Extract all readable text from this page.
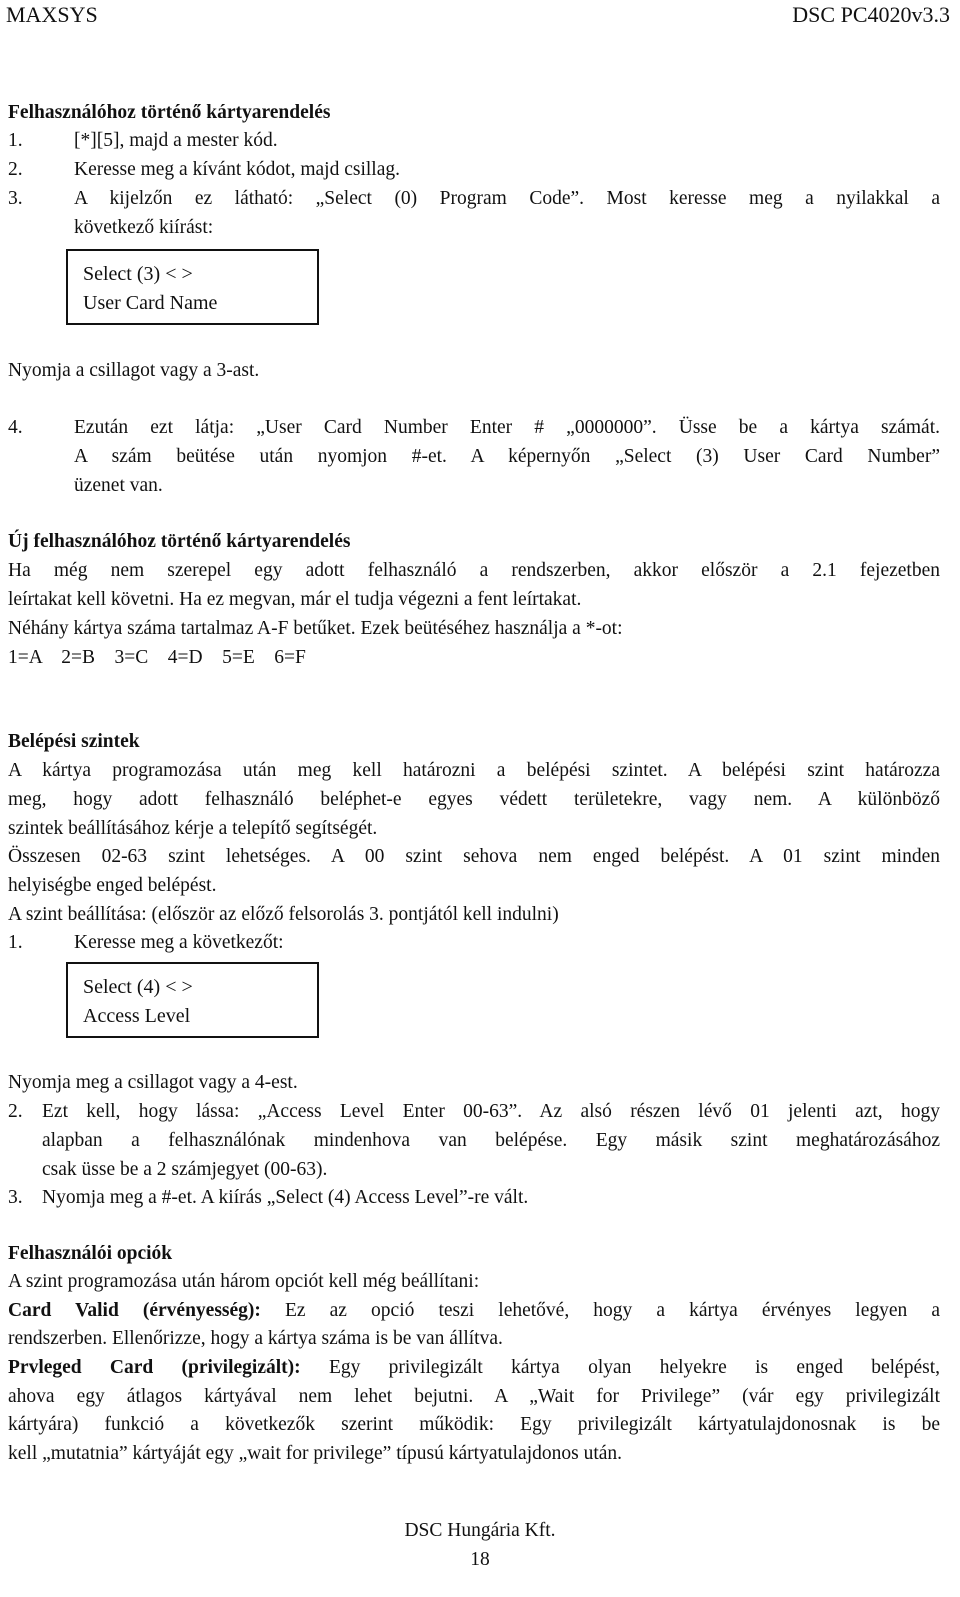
MAXSYS	DSC PC4020v3.3
Felhasználóhoz történő kártyarendelés
1.	[*][5], majd a mester kód.
2.	Keresse meg a kívánt kódot, majd csillag.
3.	A kijelzőn ez látható: „Select (0) Program Code”. Most keresse meg a nyilakkal a
következő kiírást:
Select (3) < >
User Card Name
Nyomja a csillagot vagy a 3-ast.
4.	Ezután ezt látja: „User Card Number Enter # „0000000”. Üsse be a kártya számát.
A szám beütése után nyomjon #-et. A képernyőn „Select (3) User Card Number”
üzenet van.
Új felhasználóhoz történő kártyarendelés
Ha még nem szerepel egy adott felhasználó a rendszerben, akkor először a 2.1 fejezetben
leírtakat kell követni. Ha ez megvan, már el tudja végezni a fent leírtakat.
Néhány kártya száma tartalmaz A-F betűket. Ezek beütéséhez használja a *-ot:
1=A    2=B    3=C    4=D    5=E    6=F
Belépési szintek
A kártya programozása után meg kell határozni a belépési szintet. A belépési szint határozza
meg, hogy adott felhasználó beléphet-e egyes védett területekre, vagy nem. A különböző
szintek beállításához kérje a telepítő segítségét.
Összesen 02-63 szint lehetséges. A 00 szint sehova nem enged belépést. A 01 szint minden
helyiségbe enged belépést.
A szint beállítása: (először az előző felsorolás 3. pontjától kell indulni)
1.	Keresse meg a következőt:
Select (4) < >
Access Level
Nyomja meg a csillagot vagy a 4-est.
2. Ezt kell, hogy lássa: „Access Level Enter 00-63”. Az alsó részen lévő 01 jelenti azt, hogy
alapban a felhasználónak mindenhova van belépése. Egy másik szint meghatározásához
csak üsse be a 2 számjegyet (00-63).
3. Nyomja meg a #-et. A kiírás „Select (4) Access Level”-re vált.
Felhasználói opciók
A szint programozása után három opciót kell még beállítani:
Card Valid (érvényesség): Ez az opció teszi lehetővé, hogy a kártya érvényes legyen a
rendszerben. Ellenőrizze, hogy a kártya száma is be van állítva.
Prvleged Card (privilegizált): Egy privilegizált kártya olyan helyekre is enged belépést,
ahova egy átlagos kártyával nem lehet bejutni. A „Wait for Privilege” (vár egy privilegizált
kártyára) funkció a következők szerint működik: Egy privilegizált kártyatulajdonosnak is be
kell „mutatnia” kártyáját egy „wait for privilege” típusú kártyatulajdonos után.
DSC Hungária Kft.
18
